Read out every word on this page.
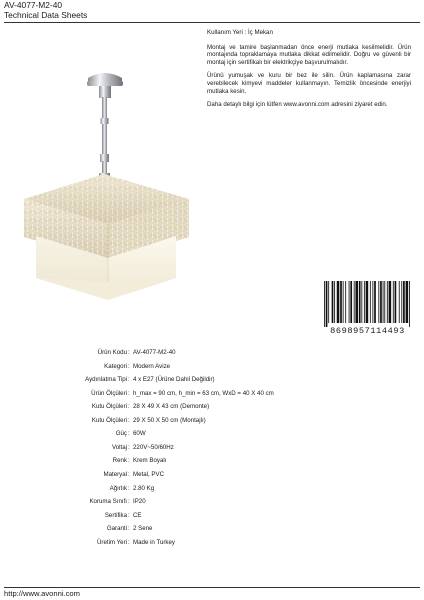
AV-4077-M2-40
Technical Data Sheets

Kullanım Yeri : İç Mekan

Montaj ve tamire başlanmadan önce enerji mutlaka kesilmelidir. Ürün montajında topraklamaya mutlaka dikkat edilmelidir. Doğru ve güvenli bir montaj için sertifikalı bir elektrikçiye başvurulmalıdır.

Ürünü yumuşak ve kuru bir bez ile silin. Ürün kaplamasına zarar verebilecek kimyevi maddeler kullanmayın. Temizlik öncesinde enerjiyi mutlaka kesin.

Daha detaylı bilgi için lütfen www.avonni.com adresini ziyaret edin.

8698957114493
Ürün Kodu : AV-4077-M2-40
Kategori : Modern Avize
Aydınlatma Tipi : 4 x E27 (Ürüne Dahil Değildir)
Ürün Ölçüleri : h_max = 90 cm, h_min = 63 cm, WxD = 40 X 40 cm
Kutu Ölçüleri : 28 X 49 X 43 cm (Demonte)
Kutu Ölçüleri : 29 X 50 X 50 cm (Montajlı)
Güç : 60W
Voltaj : 220V~50/60Hz
Renk : Krem Boyalı
Materyal : Metal, PVC
Ağırlık : 2.80 Kg
Koruma Sınıfı : IP20
Sertifika : CE
Garanti : 2 Sene
Üretim Yeri : Made in Turkey
http://www.avonni.com
